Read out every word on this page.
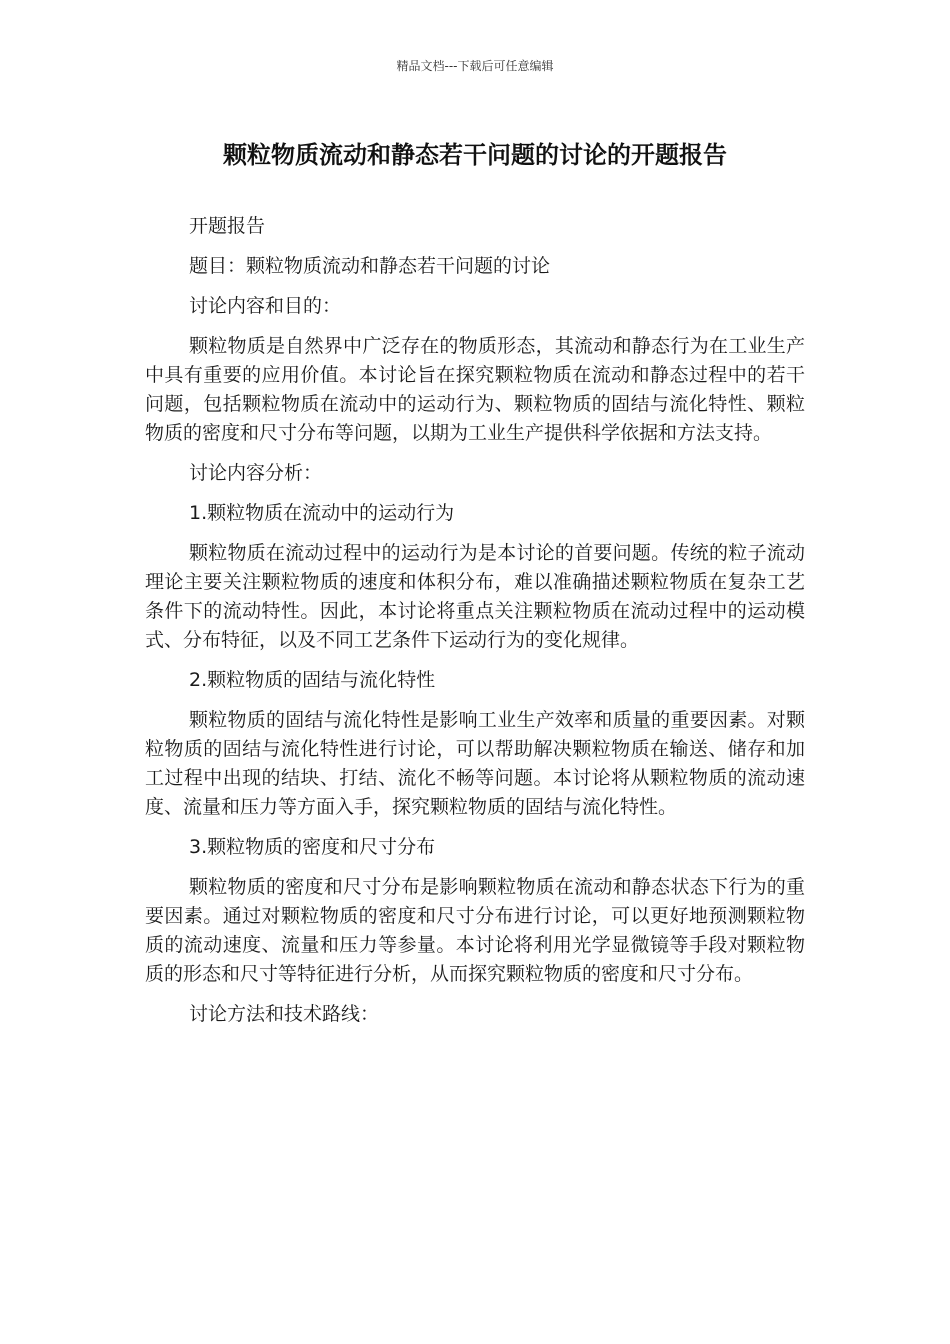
精品文档---下载后可任意编辑
颗粒物质流动和静态若干问题的讨论的开题报告

开题报告

题目：颗粒物质流动和静态若干问题的讨论

讨论内容和目的：

颗粒物质是自然界中广泛存在的物质形态，其流动和静态行为在工业生产中具有重要的应用价值。本讨论旨在探究颗粒物质在流动和静态过程中的若干问题，包括颗粒物质在流动中的运动行为、颗粒物质的固结与流化特性、颗粒物质的密度和尺寸分布等问题，以期为工业生产提供科学依据和方法支持。

讨论内容分析：

1.颗粒物质在流动中的运动行为

颗粒物质在流动过程中的运动行为是本讨论的首要问题。传统的粒子流动理论主要关注颗粒物质的速度和体积分布，难以准确描述颗粒物质在复杂工艺条件下的流动特性。因此，本讨论将重点关注颗粒物质在流动过程中的运动模式、分布特征，以及不同工艺条件下运动行为的变化规律。

2.颗粒物质的固结与流化特性

颗粒物质的固结与流化特性是影响工业生产效率和质量的重要因素。对颗粒物质的固结与流化特性进行讨论，可以帮助解决颗粒物质在输送、储存和加工过程中出现的结块、打结、流化不畅等问题。本讨论将从颗粒物质的流动速度、流量和压力等方面入手，探究颗粒物质的固结与流化特性。

3.颗粒物质的密度和尺寸分布

颗粒物质的密度和尺寸分布是影响颗粒物质在流动和静态状态下行为的重要因素。通过对颗粒物质的密度和尺寸分布进行讨论，可以更好地预测颗粒物质的流动速度、流量和压力等参量。本讨论将利用光学显微镜等手段对颗粒物质的形态和尺寸等特征进行分析，从而探究颗粒物质的密度和尺寸分布。

讨论方法和技术路线：
